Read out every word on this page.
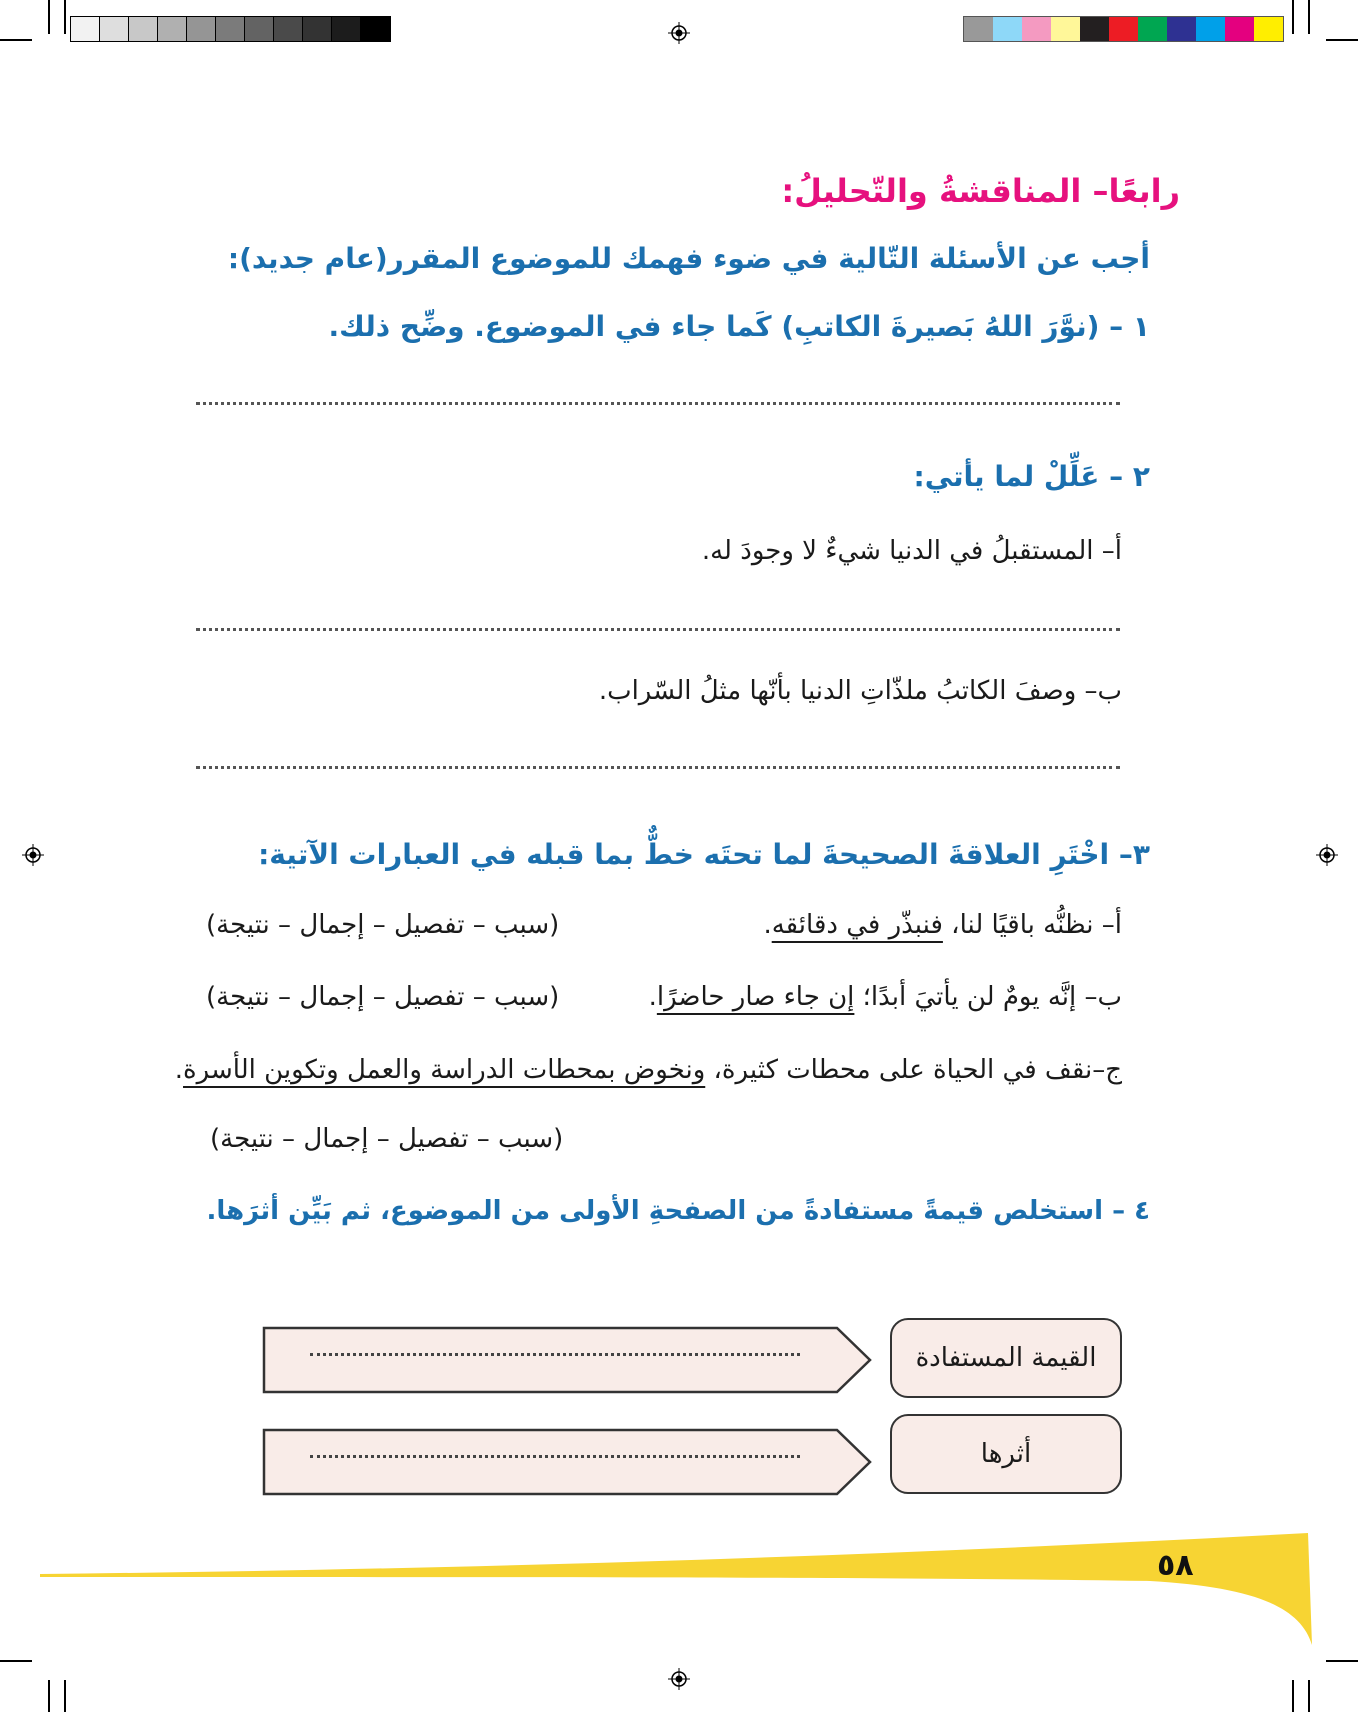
رابعًا– المناقشةُ والتّحليلُ:
أجب عن الأسئلة التّالية في ضوء فهمك للموضوع المقرر(عام جديد):
١ – (نوَّرَ اللهُ بَصيرةَ الكاتبِ) كَما جاء في الموضوع. وضِّح ذلك.
٢ – عَلِّلْ لما يأتي:
أ– المستقبلُ في الدنيا شيءٌ لا وجودَ له.
ب– وصفَ الكاتبُ ملذّاتِ الدنيا بأنّها مثلُ السّراب.
٣– اخْتَرِ العلاقةَ الصحيحةَ لما تحتَه خطٌّ بما قبله في العبارات الآتية:
أ– نظنُّه باقيًا لنا، فنبذّر في دقائقه.
(سبب – تفصيل – إجمال – نتيجة)
ب– إنَّه يومٌ لن يأتيَ أبدًا؛ إن جاء صار حاضرًا.
(سبب – تفصيل – إجمال – نتيجة)
ج–نقف في الحياة على محطات كثيرة، ونخوض بمحطات الدراسة والعمل وتكوين الأسرة.
(سبب – تفصيل – إجمال – نتيجة)
٤ – استخلص قيمةً مستفادةً من الصفحةِ الأولى من الموضوع، ثم بَيِّن أثرَها.
القيمة المستفادة
أثرها
٥٨
